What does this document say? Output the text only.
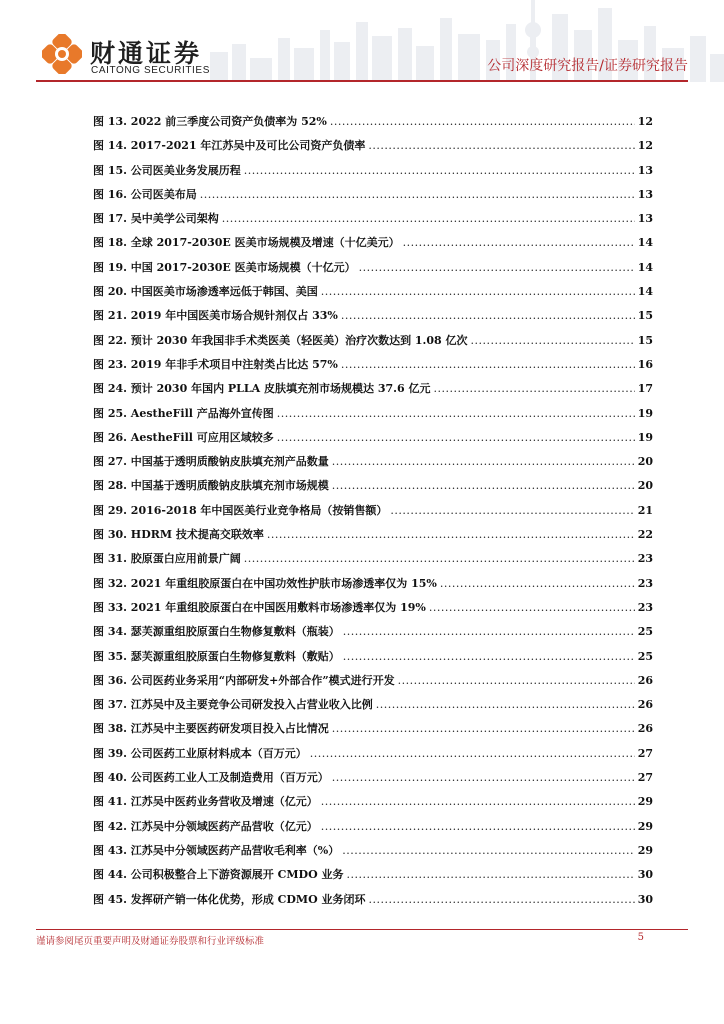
财通证券
CAITONG SECURITIES	公司深度研究报告/证券研究报告
图 13. 2022 前三季度公司资产负债率为 52% .....	12
图 14. 2017-2021 年江苏吴中及可比公司资产负债率 .....	12
图 15. 公司医美业务发展历程 .....	13
图 16. 公司医美布局 .....	13
图 17. 吴中美学公司架构 .....	13
图 18. 全球 2017-2030E 医美市场规模及增速（十亿美元） .....	14
图 19. 中国 2017-2030E 医美市场规模（十亿元） .....	14
图 20. 中国医美市场渗透率远低于韩国、美国 .....	14
图 21. 2019 年中国医美市场合规针剂仅占 33% .....	15
图 22. 预计 2030 年我国非手术类医美（轻医美）治疗次数达到 1.08 亿次 .....	15
图 23. 2019 年非手术项目中注射类占比达 57% .....	16
图 24. 预计 2030 年国内 PLLA 皮肤填充剂市场规模达 37.6 亿元 .....	17
图 25. AestheFill 产品海外宣传图 .....	19
图 26. AestheFill 可应用区域较多 .....	19
图 27. 中国基于透明质酸钠皮肤填充剂产品数量 .....	20
图 28. 中国基于透明质酸钠皮肤填充剂市场规模 .....	20
图 29. 2016-2018 年中国医美行业竞争格局（按销售额） .....	21
图 30. HDRM 技术提高交联效率 .....	22
图 31. 胶原蛋白应用前景广阔 .....	23
图 32. 2021 年重组胶原蛋白在中国功效性护肤市场渗透率仅为 15% .....	23
图 33. 2021 年重组胶原蛋白在中国医用敷料市场渗透率仅为 19% .....	23
图 34. 瑟芙源重组胶原蛋白生物修复敷料（瓶装） .....	25
图 35. 瑟芙源重组胶原蛋白生物修复敷料（敷贴） .....	25
图 36. 公司医药业务采用“内部研发+外部合作”模式进行开发 .....	26
图 37. 江苏吴中及主要竞争公司研发投入占营业收入比例 .....	26
图 38. 江苏吴中主要医药研发项目投入占比情况 .....	26
图 39. 公司医药工业原材料成本（百万元） .....	27
图 40. 公司医药工业人工及制造费用（百万元） .....	27
图 41. 江苏吴中医药业务营收及增速（亿元） .....	29
图 42. 江苏吴中分领域医药产品营收（亿元） .....	29
图 43. 江苏吴中分领域医药产品营收毛利率（%） .....	29
图 44. 公司积极整合上下游资源展开 CMDO 业务 .....	30
图 45. 发挥研产销一体化优势，形成 CDMO 业务闭环 .....	30
谨请参阅尾页重要声明及财通证券股票和行业评级标准	5
